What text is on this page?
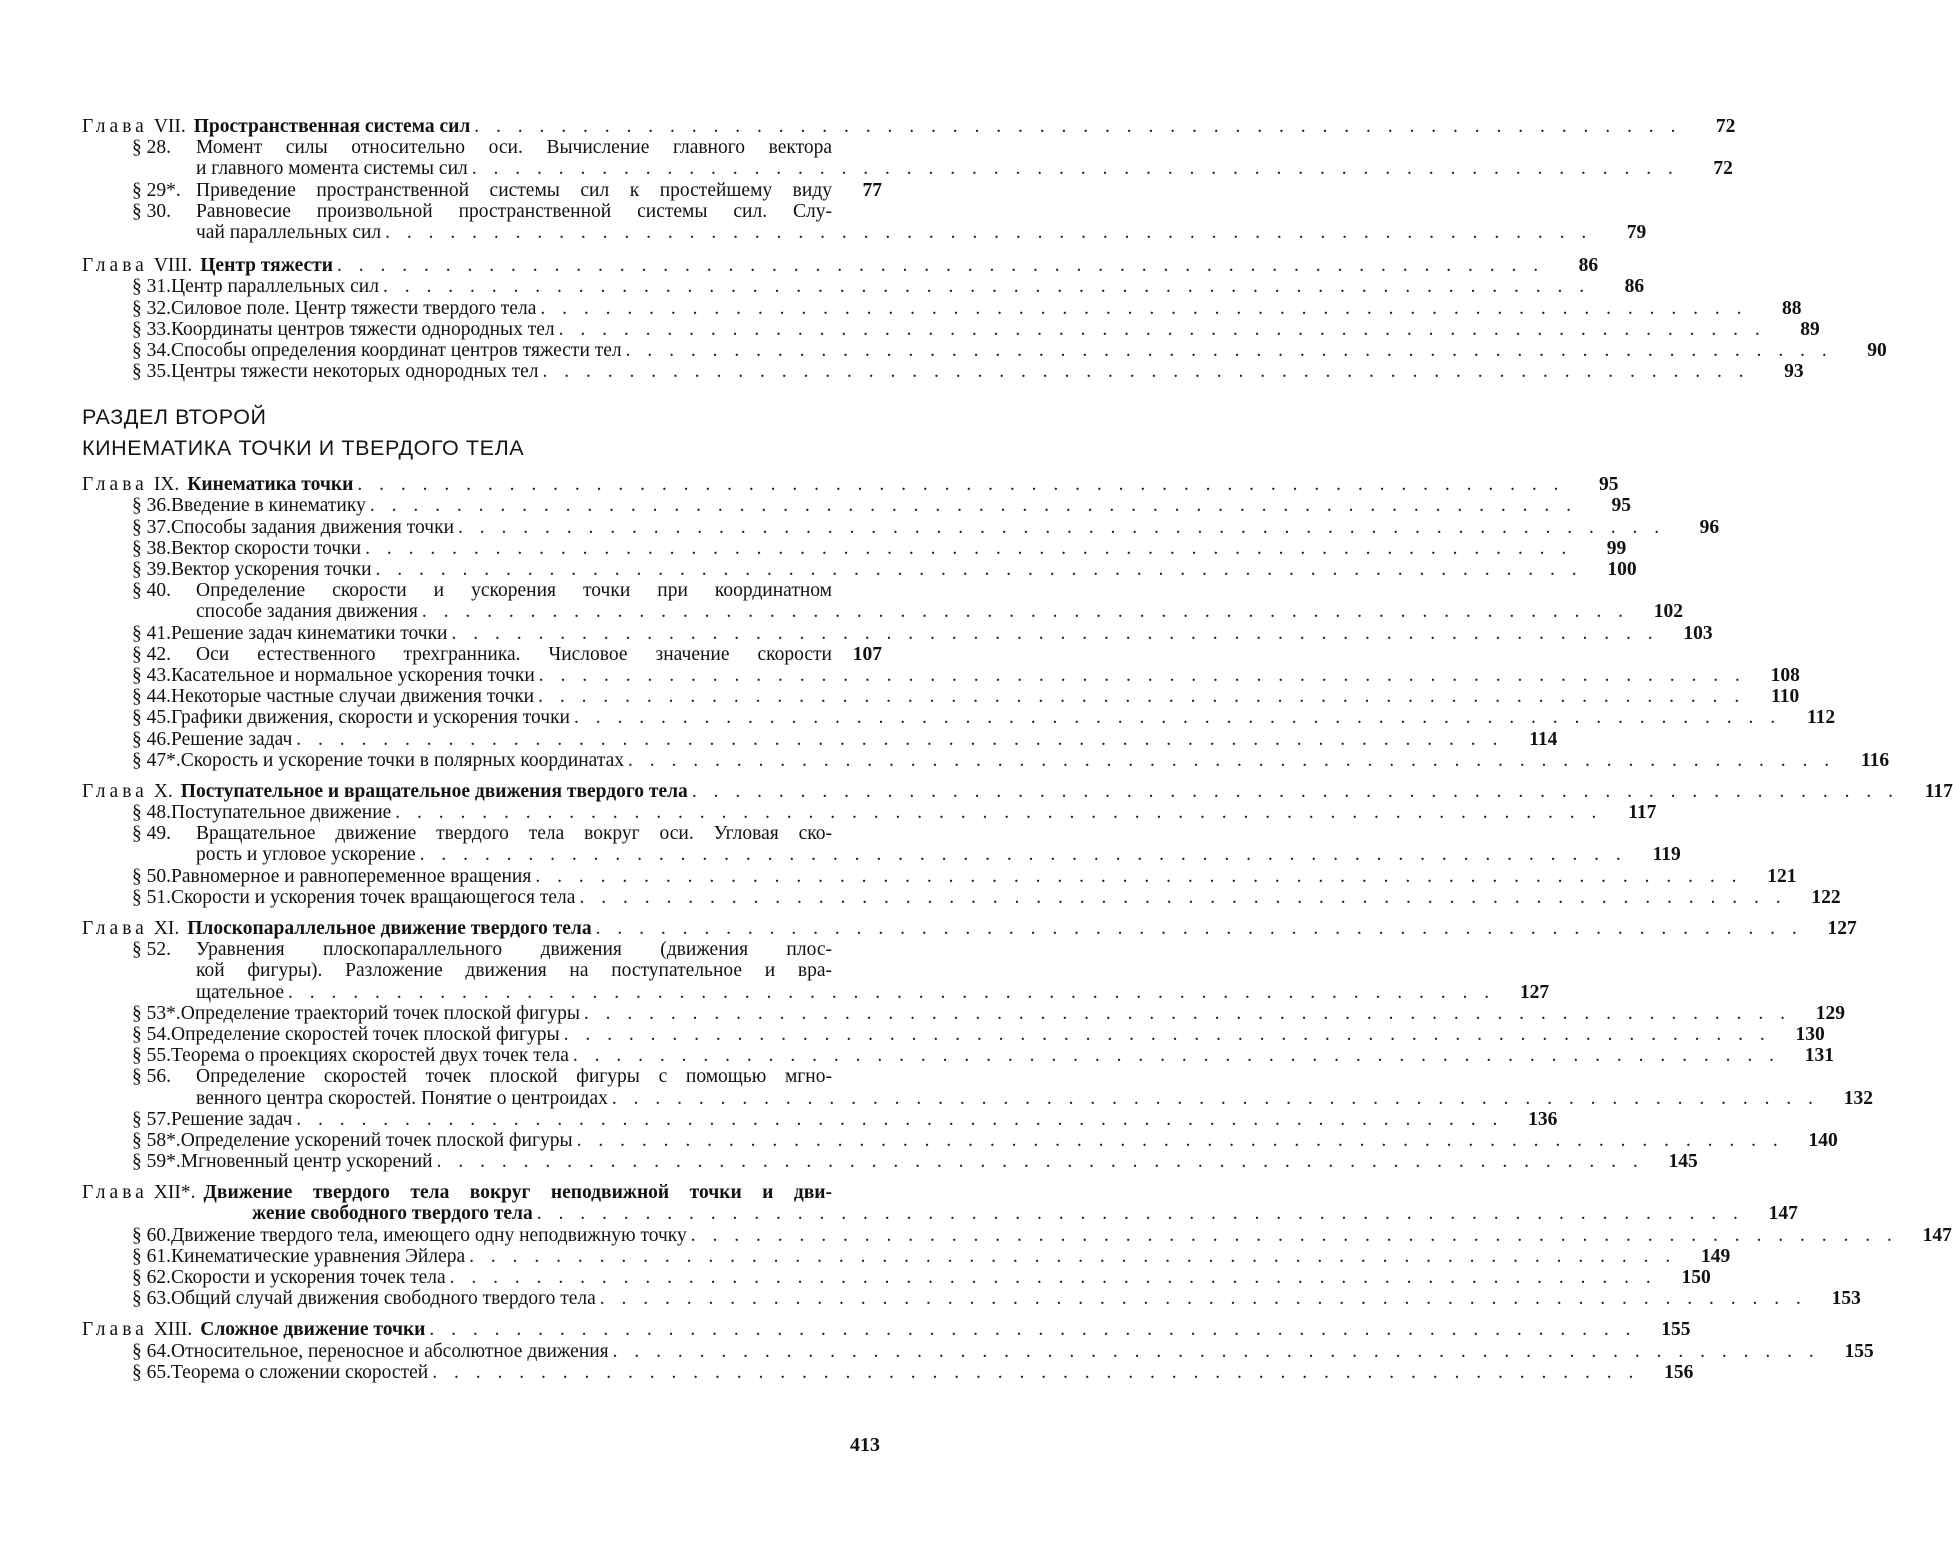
Глава VII. Пространственная система сил . . . . . . . . . . . . . . . . . . . . . . . . . . . . . . . . . . . . . . . . . . . . . . . . . . . . . . . .	72
§ 28.	Момент силы относительно оси. Вычисление главного вектора
и главного момента системы сил . . . . . . . . . . . . . . . . . . . . . . . . . . . . . . . . . . . . . . . . . . . . . . . . . . . . . . . .	72
§ 29*. Приведение пространственной системы сил к простейшему виду	77
§ 30.	Равновесие произвольной пространственной системы сил. Слу-
чай параллельных сил . . . . . . . . . . . . . . . . . . . . . . . . . . . . . . . . . . . . . . . . . . . . . . . . . . . . . . . .	79
Глава VIII. Центр тяжести . . . . . . . . . . . . . . . . . . . . . . . . . . . . . . . . . . . . . . . . . . . . . . . . . . . . . . . .	86
§ 31. Центр параллельных сил . . . . . . . . . . . . . . . . . . . . . . . . . . . . . . . . . . . . . . . . . . . . . . . . . . . . . . . .	86
§ 32. Силовое поле. Центр тяжести твердого тела . . . . . . . . . . . . . . . . . . . . . . . . . . . . . . . . . . . . . . . . . . . . . . . . . . . . . . . .	88
§ 33. Координаты центров тяжести однородных тел . . . . . . . . . . . . . . . . . . . . . . . . . . . . . . . . . . . . . . . . . . . . . . . . . . . . . . . .	89
§ 34. Способы определения координат центров тяжести тел . . . . . . . . . . . . . . . . . . . . . . . . . . . . . . . . . . . . . . . . . . . . . . . . . . . . . . . .	90
§ 35. Центры тяжести некоторых однородных тел . . . . . . . . . . . . . . . . . . . . . . . . . . . . . . . . . . . . . . . . . . . . . . . . . . . . . . . .	93
РАЗДЕЛ ВТОРОЙ
КИНЕМАТИКА ТОЧКИ И ТВЕРДОГО ТЕЛА
Глава IX. Кинематика точки . . . . . . . . . . . . . . . . . . . . . . . . . . . . . . . . . . . . . . . . . . . . . . . . . . . . . . . .	95
§ 36. Введение в кинематику . . . . . . . . . . . . . . . . . . . . . . . . . . . . . . . . . . . . . . . . . . . . . . . . . . . . . . . .	95
§ 37. Способы задания движения точки . . . . . . . . . . . . . . . . . . . . . . . . . . . . . . . . . . . . . . . . . . . . . . . . . . . . . . . .	96
§ 38. Вектор скорости точки . . . . . . . . . . . . . . . . . . . . . . . . . . . . . . . . . . . . . . . . . . . . . . . . . . . . . . . .	99
§ 39. Вектор ускорения точки . . . . . . . . . . . . . . . . . . . . . . . . . . . . . . . . . . . . . . . . . . . . . . . . . . . . . . . .	100
§ 40.	Определение скорости и ускорения точки при координатном
способе задания движения . . . . . . . . . . . . . . . . . . . . . . . . . . . . . . . . . . . . . . . . . . . . . . . . . . . . . . . .	102
§ 41. Решение задач кинематики точки . . . . . . . . . . . . . . . . . . . . . . . . . . . . . . . . . . . . . . . . . . . . . . . . . . . . . . . .	103
§ 42.	Оси естественного трехгранника. Числовое значение скорости	107
§ 43. Касательное и нормальное ускорения точки . . . . . . . . . . . . . . . . . . . . . . . . . . . . . . . . . . . . . . . . . . . . . . . . . . . . . . . .	108
§ 44. Некоторые частные случаи движения точки . . . . . . . . . . . . . . . . . . . . . . . . . . . . . . . . . . . . . . . . . . . . . . . . . . . . . . . .	110
§ 45. Графики движения, скорости и ускорения точки . . . . . . . . . . . . . . . . . . . . . . . . . . . . . . . . . . . . . . . . . . . . . . . . . . . . . . . .	112
§ 46. Решение задач . . . . . . . . . . . . . . . . . . . . . . . . . . . . . . . . . . . . . . . . . . . . . . . . . . . . . . . .	114
§ 47*. Скорость и ускорение точки в полярных координатах . . . . . . . . . . . . . . . . . . . . . . . . . . . . . . . . . . . . . . . . . . . . . . . . . . . . . . . .	116
Глава X. Поступательное и вращательное движения твердого тела . . . . . . . . . . . . . . . . . . . . . . . . . . . . . . . . . . . . . . . . . . . . . . . . . . . . . . . .	117
§ 48. Поступательное движение . . . . . . . . . . . . . . . . . . . . . . . . . . . . . . . . . . . . . . . . . . . . . . . . . . . . . . . .	117
§ 49.	Вращательное движение твердого тела вокруг оси. Угловая ско-
рость и угловое ускорение . . . . . . . . . . . . . . . . . . . . . . . . . . . . . . . . . . . . . . . . . . . . . . . . . . . . . . . .	119
§ 50. Равномерное и равнопеременное вращения . . . . . . . . . . . . . . . . . . . . . . . . . . . . . . . . . . . . . . . . . . . . . . . . . . . . . . . .	121
§ 51. Скорости и ускорения точек вращающегося тела . . . . . . . . . . . . . . . . . . . . . . . . . . . . . . . . . . . . . . . . . . . . . . . . . . . . . . . .	122
Глава XI. Плоскопараллельное движение твердого тела . . . . . . . . . . . . . . . . . . . . . . . . . . . . . . . . . . . . . . . . . . . . . . . . . . . . . . . .	127
§ 52.	Уравнения плоскопараллельного движения (движения плос-
кой фигуры). Разложение движения на поступательное и вра-
щательное . . . . . . . . . . . . . . . . . . . . . . . . . . . . . . . . . . . . . . . . . . . . . . . . . . . . . . . .	127
§ 53*. Определение траекторий точек плоской фигуры . . . . . . . . . . . . . . . . . . . . . . . . . . . . . . . . . . . . . . . . . . . . . . . . . . . . . . . .	129
§ 54. Определение скоростей точек плоской фигуры . . . . . . . . . . . . . . . . . . . . . . . . . . . . . . . . . . . . . . . . . . . . . . . . . . . . . . . .	130
§ 55. Теорема о проекциях скоростей двух точек тела . . . . . . . . . . . . . . . . . . . . . . . . . . . . . . . . . . . . . . . . . . . . . . . . . . . . . . . .	131
§ 56.	Определение скоростей точек плоской фигуры с помощью мгно-
венного центра скоростей. Понятие о центроидах . . . . . . . . . . . . . . . . . . . . . . . . . . . . . . . . . . . . . . . . . . . . . . . . . . . . . . . .	132
§ 57. Решение задач . . . . . . . . . . . . . . . . . . . . . . . . . . . . . . . . . . . . . . . . . . . . . . . . . . . . . . . .	136
§ 58*. Определение ускорений точек плоской фигуры . . . . . . . . . . . . . . . . . . . . . . . . . . . . . . . . . . . . . . . . . . . . . . . . . . . . . . . .	140
§ 59*. Мгновенный центр ускорений . . . . . . . . . . . . . . . . . . . . . . . . . . . . . . . . . . . . . . . . . . . . . . . . . . . . . . . .	145
Глава XII*. Движение твердого тела вокруг неподвижной точки и дви-
жение свободного твердого тела . . . . . . . . . . . . . . . . . . . . . . . . . . . . . . . . . . . . . . . . . . . . . . . . . . . . . . . .	147
§ 60. Движение твердого тела, имеющего одну неподвижную точку . . . . . . . . . . . . . . . . . . . . . . . . . . . . . . . . . . . . . . . . . . . . . . . . . . . . . . . .	147
§ 61. Кинематические уравнения Эйлера . . . . . . . . . . . . . . . . . . . . . . . . . . . . . . . . . . . . . . . . . . . . . . . . . . . . . . . .	149
§ 62. Скорости и ускорения точек тела . . . . . . . . . . . . . . . . . . . . . . . . . . . . . . . . . . . . . . . . . . . . . . . . . . . . . . . .	150
§ 63. Общий случай движения свободного твердого тела . . . . . . . . . . . . . . . . . . . . . . . . . . . . . . . . . . . . . . . . . . . . . . . . . . . . . . . .	153
Глава XIII. Сложное движение точки . . . . . . . . . . . . . . . . . . . . . . . . . . . . . . . . . . . . . . . . . . . . . . . . . . . . . . . .	155
§ 64. Относительное, переносное и абсолютное движения . . . . . . . . . . . . . . . . . . . . . . . . . . . . . . . . . . . . . . . . . . . . . . . . . . . . . . . .	155
§ 65. Теорема о сложении скоростей . . . . . . . . . . . . . . . . . . . . . . . . . . . . . . . . . . . . . . . . . . . . . . . . . . . . . . . .	156
413
